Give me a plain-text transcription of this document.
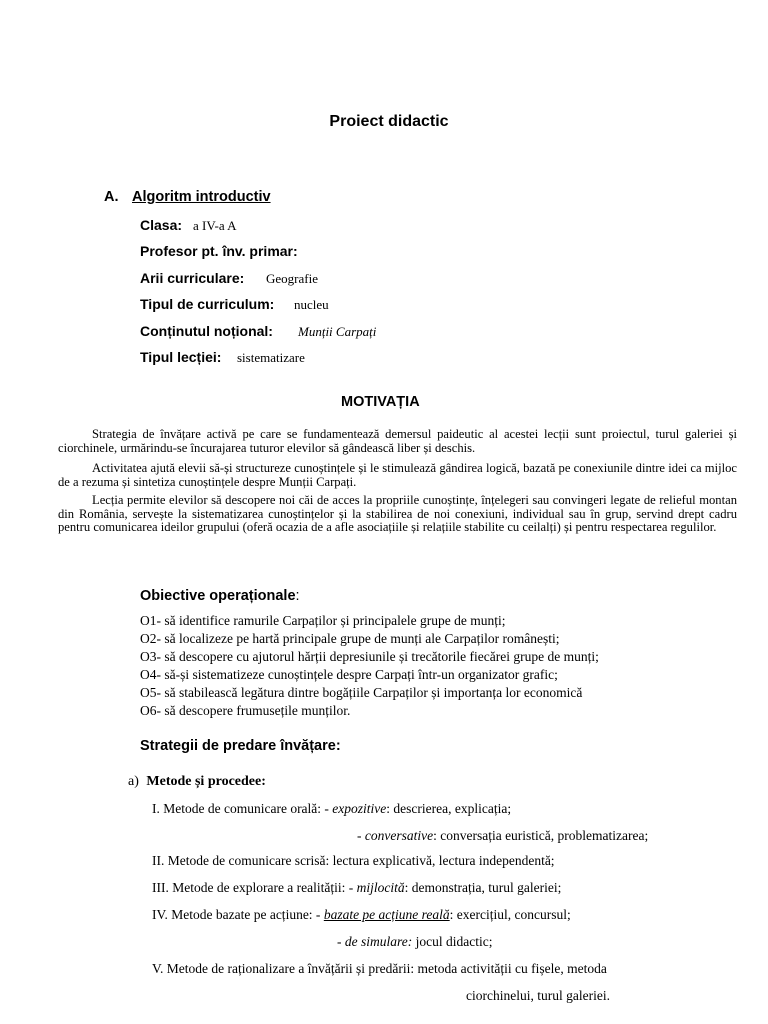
Proiect didactic
A. Algoritm introductiv
Clasa: a IV-a A
Profesor pt. înv. primar:
Arii curriculare: Geografie
Tipul de curriculum: nucleu
Conținutul noțional: Munții Carpați
Tipul lecției: sistematizare
MOTIVAȚIA

Strategia de învățare activă pe care se fundamentează demersul paideutic al acestei lecții sunt proiectul, turul galeriei și ciorchinele, urmărindu-se încurajarea tuturor elevilor să gândească liber și deschis.

Activitatea ajută elevii să-și structureze cunoștințele și le stimulează gândirea logică, bazată pe conexiunile dintre idei ca mijloc de a rezuma și sintetiza cunoștințele despre Munții Carpați.

Lecția permite elevilor să descopere noi căi de acces la propriile cunoștințe, înțelegeri sau convingeri legate de relieful montan din România, servește la sistematizarea cunoștințelor și la stabilirea de noi conexiuni, individual sau în grup, servind drept cadru pentru comunicarea ideilor grupului (oferă ocazia de a afle asociațiile și relațiile stabilite cu ceilalți) și pentru respectarea regulilor.

Obiective operaționale:
O1- să identifice ramurile Carpaților și principalele grupe de munți;
O2- să localizeze pe hartă principale grupe de munți ale Carpaților românești;
O3- să descopere cu ajutorul hărții depresiunile și trecătorile fiecărei grupe de munți;
O4- să-și sistematizeze cunoștințele despre Carpați într-un organizator grafic;
O5- să stabilească legătura dintre bogățiile Carpaților și importanța lor economică
O6- să descopere frumusețile munților.
Strategii de predare învățare:
a) Metode și procedee:
I. Metode de comunicare orală: - expozitive: descrierea, explicația;
- conversative: conversația euristică, problematizarea;
II. Metode de comunicare scrisă: lectura explicativă, lectura independentă;
III. Metode de explorare a realității: - mijlocită: demonstrația, turul galeriei;
IV. Metode bazate pe acțiune: - bazate pe acțiune reală: exercițiul, concursul;
- de simulare: jocul didactic;
V. Metode de raționalizare a învățării și predării: metoda activității cu fișele, metoda
ciorchinelui, turul galeriei.
